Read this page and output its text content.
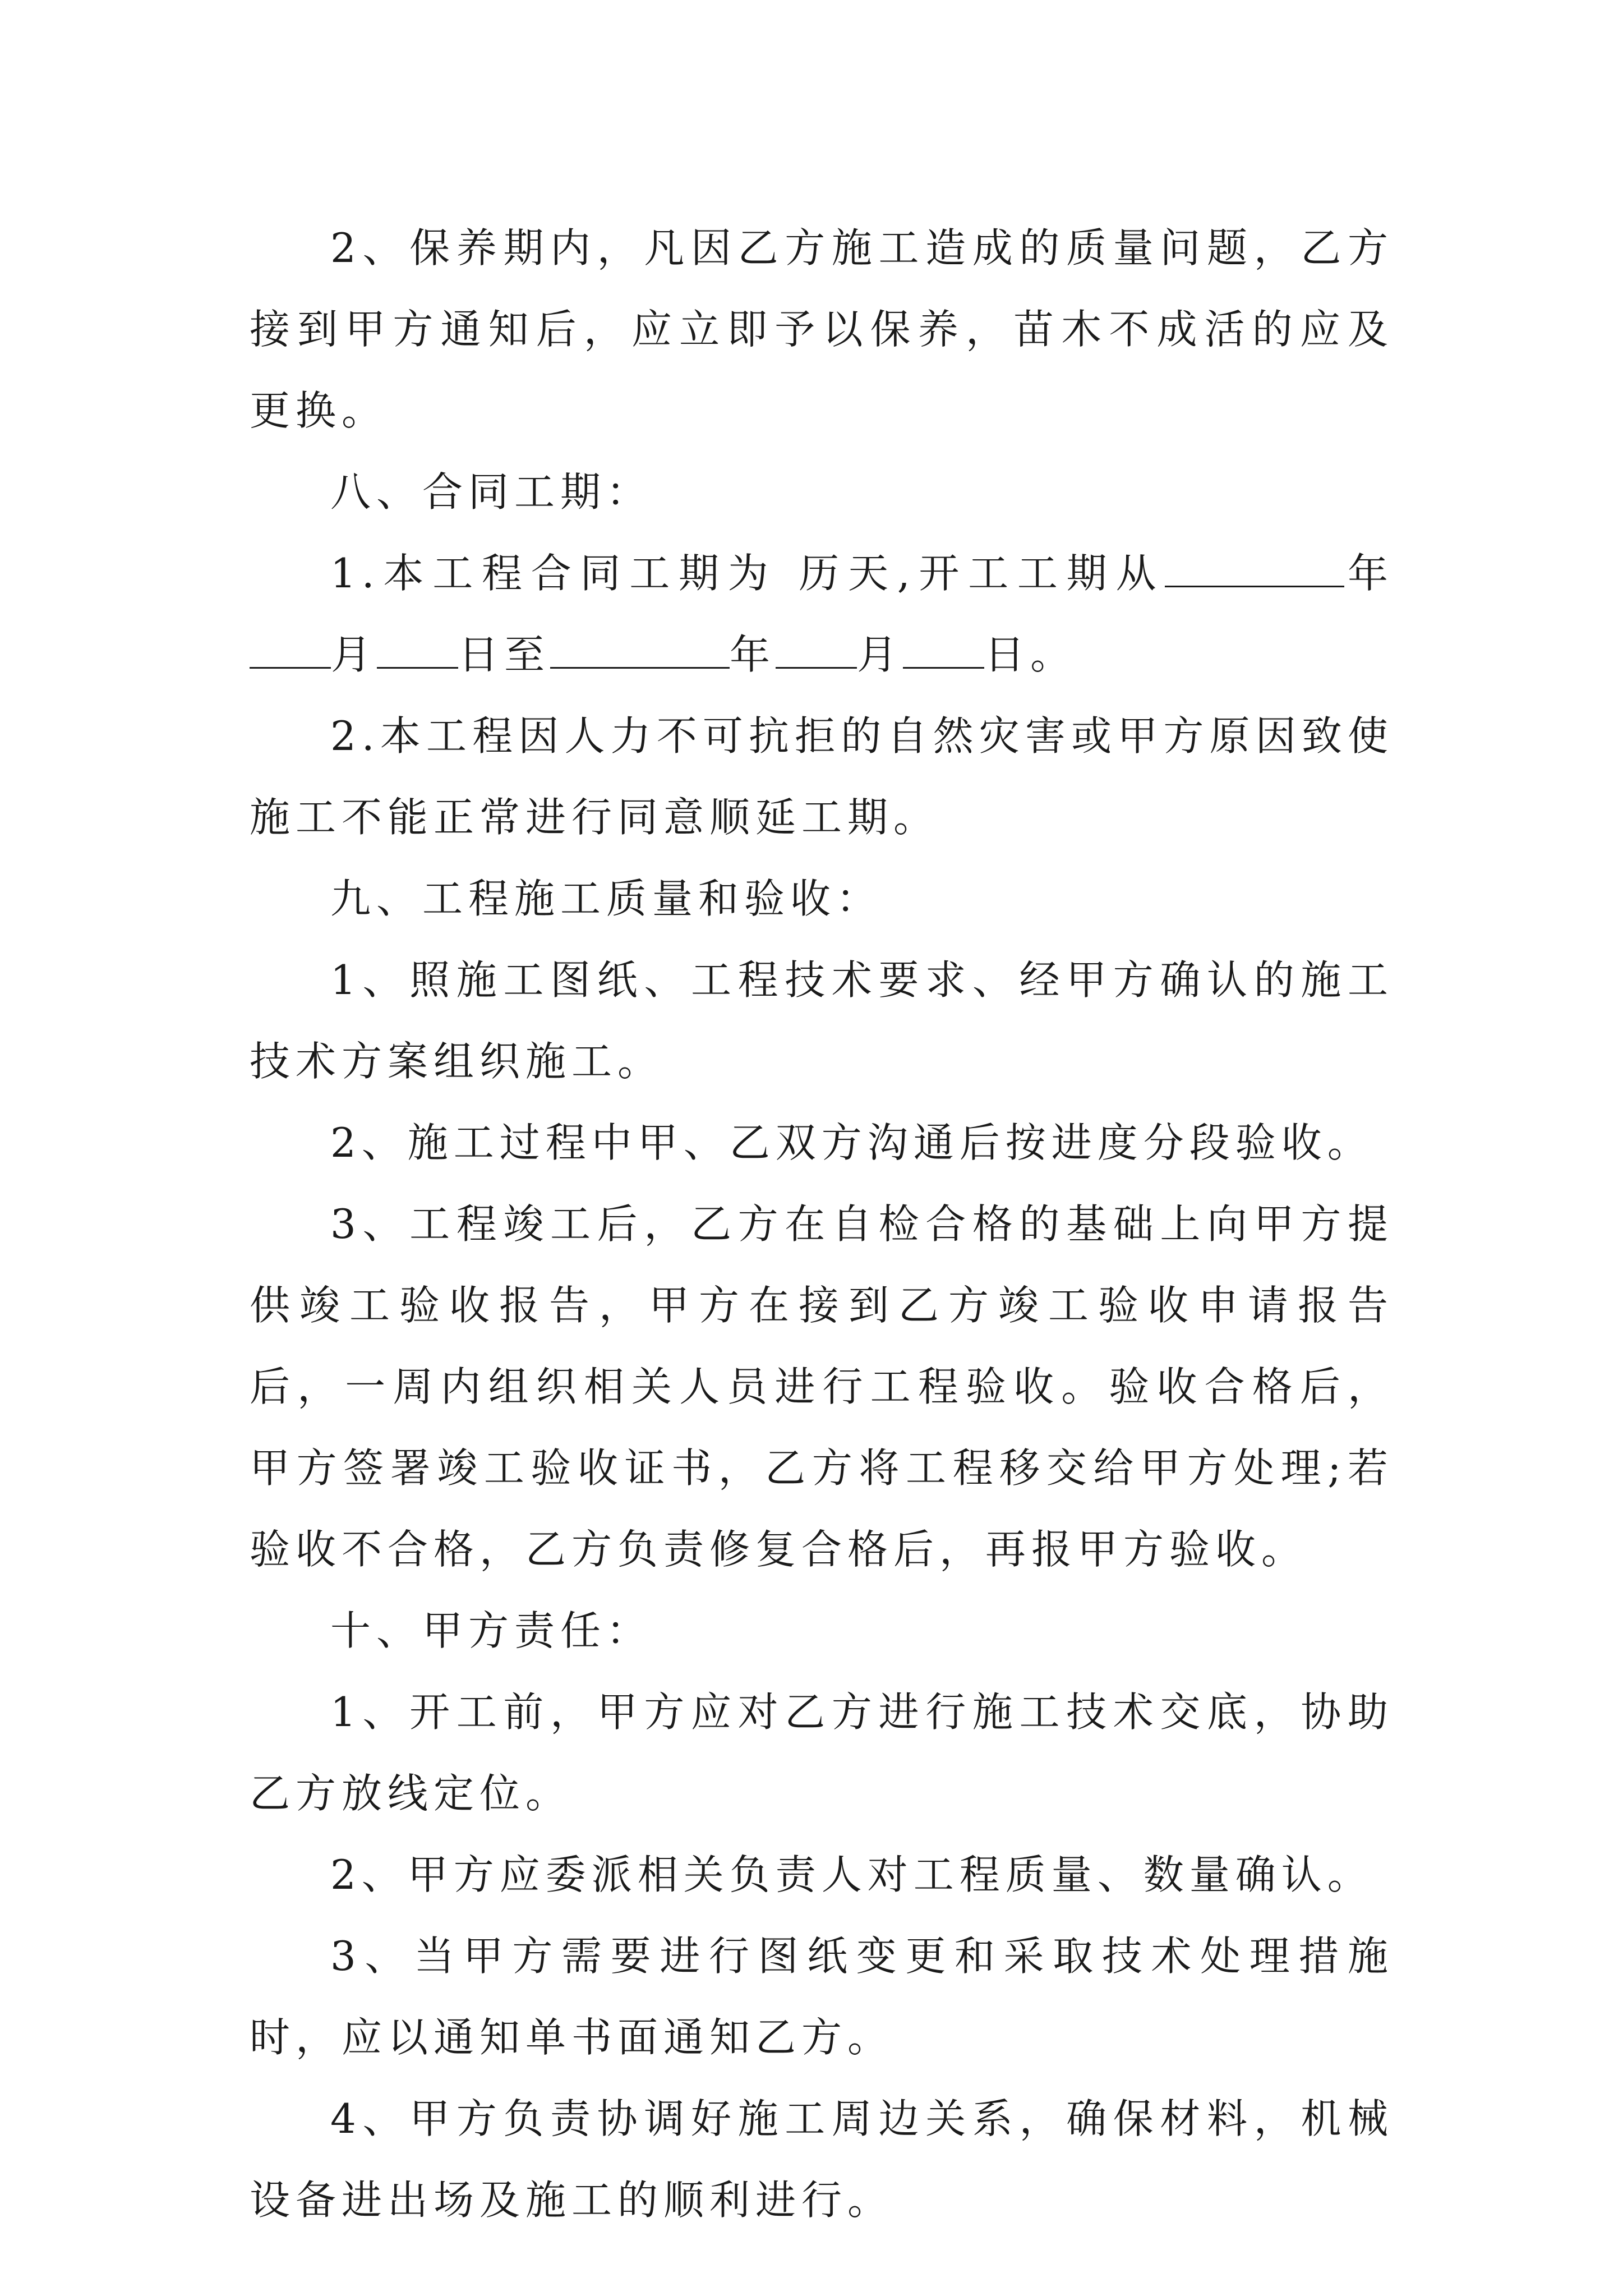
2、保养期内，凡因乙方施工造成的质量问题，乙方接到甲方通知后，应立即予以保养，苗木不成活的应及更换。

八、合同工期：

1.本工程合同工期为 历天,开工工期从	年月 日至	年 月 日。

2.本工程因人力不可抗拒的自然灾害或甲方原因致使施工不能正常进行同意顺延工期。

九、工程施工质量和验收：

1、照施工图纸、工程技术要求、经甲方确认的施工技术方案组织施工。

2、施工过程中甲、乙双方沟通后按进度分段验收。

3、工程竣工后，乙方在自检合格的基础上向甲方提供竣工验收报告，甲方在接到乙方竣工验收申请报告后，一周内组织相关人员进行工程验收。验收合格后，甲方签署竣工验收证书，乙方将工程移交给甲方处理;若验收不合格，乙方负责修复合格后，再报甲方验收。

十、甲方责任：

1、开工前，甲方应对乙方进行施工技术交底，协助乙方放线定位。

2、甲方应委派相关负责人对工程质量、数量确认。

3、当甲方需要进行图纸变更和采取技术处理措施时，应以通知单书面通知乙方。

4、甲方负责协调好施工周边关系，确保材料，机械设备进出场及施工的顺利进行。
